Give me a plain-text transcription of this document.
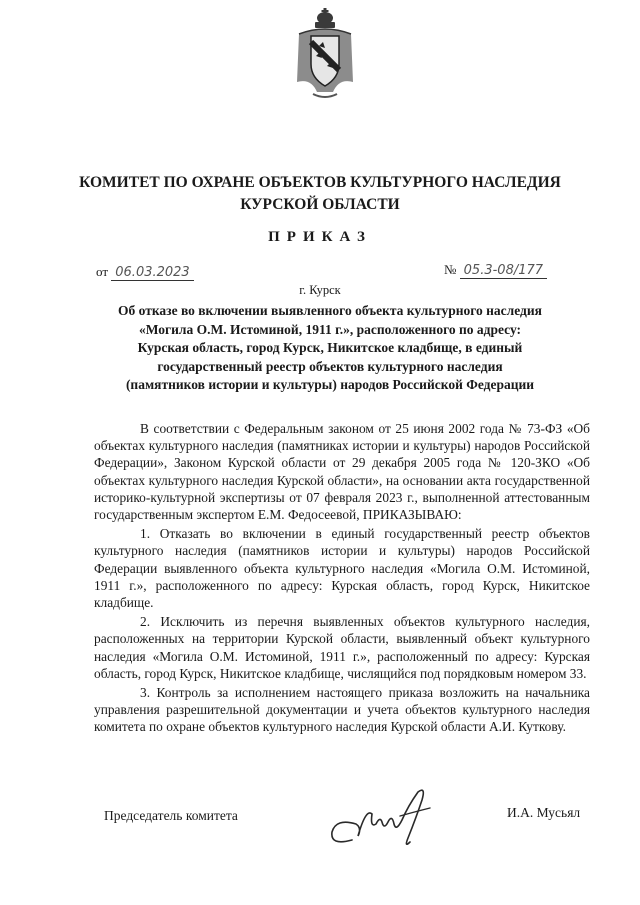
КОМИТЕТ ПО ОХРАНЕ ОБЪЕКТОВ КУЛЬТУРНОГО НАСЛЕДИЯ
КУРСКОЙ ОБЛАСТИ
ПРИКАЗ
от 06.03.2023	№ 05.3-08/177
г. Курск
Об отказе во включении выявленного объекта культурного наследия
«Могила О.М. Истоминой, 1911 г.», расположенного по адресу:
Курская область, город Курск, Никитское кладбище, в единый
государственный реестр объектов культурного наследия
(памятников истории и культуры) народов Российской Федерации

В соответствии с Федеральным законом от 25 июня 2002 года № 73-ФЗ «Об объектах культурного наследия (памятниках истории и культуры) народов Российской Федерации», Законом Курской области от 29 декабря 2005 года № 120-ЗКО «Об объектах культурного наследия Курской области», на основании акта государственной историко-культурной экспертизы от 07 февраля 2023 г., выполненной аттестованным государственным экспертом Е.М. Федосеевой, ПРИКАЗЫВАЮ:

1. Отказать во включении в единый государственный реестр объектов культурного наследия (памятников истории и культуры) народов Российской Федерации выявленного объекта культурного наследия «Могила О.М. Истоминой, 1911 г.», расположенного по адресу: Курская область, город Курск, Никитское кладбище.

2. Исключить из перечня выявленных объектов культурного наследия, расположенных на территории Курской области, выявленный объект культурного наследия «Могила О.М. Истоминой, 1911 г.», расположенный по адресу: Курская область, город Курск, Никитское кладбище, числящийся под порядковым номером 33.

3. Контроль за исполнением настоящего приказа возложить на начальника управления разрешительной документации и учета объектов культурного наследия комитета по охране объектов культурного наследия Курской области А.И. Куткову.

Председатель комитета	И.А. Мусьял
